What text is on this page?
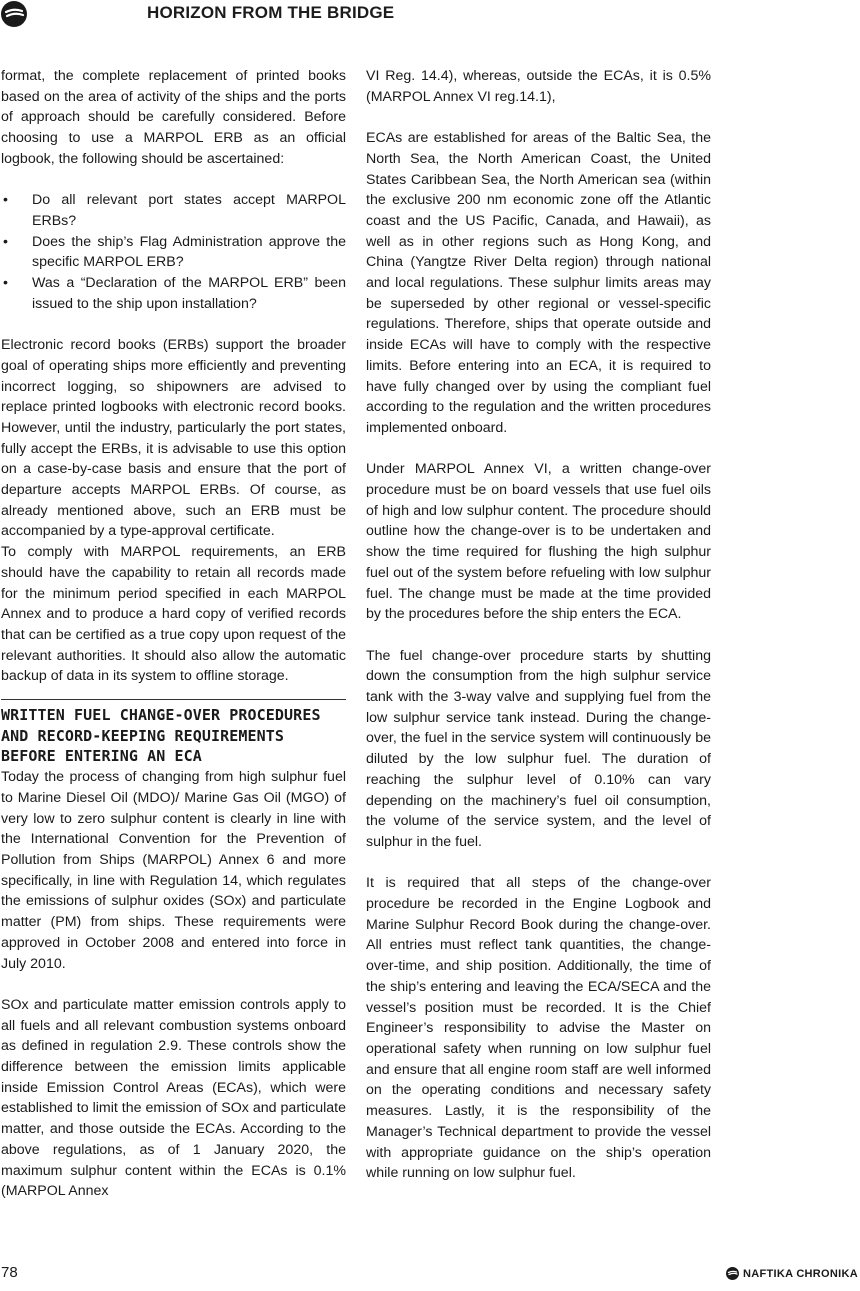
HORIZON FROM THE BRIDGE

format, the complete replacement of printed books based on the area of activity of the ships and the ports of approach should be carefully considered. Before choosing to use a MARPOL ERB as an official logbook, the following should be ascertained:

• Do all relevant port states accept MARPOL ERBs?
• Does the ship’s Flag Administration approve the specific MARPOL ERB?
• Was a “Declaration of the MARPOL ERB” been issued to the ship upon installation?

Electronic record books (ERBs) support the broader goal of operating ships more efficiently and preventing incorrect logging, so shipowners are advised to replace printed logbooks with electronic record books. However, until the industry, particularly the port states, fully accept the ERBs, it is advisable to use this option on a case-by-case basis and ensure that the port of departure accepts MARPOL ERBs. Of course, as already mentioned above, such an ERB must be accompanied by a type-approval certificate.

To comply with MARPOL requirements, an ERB should have the capability to retain all records made for the minimum period specified in each MARPOL Annex and to produce a hard copy of verified records that can be certified as a true copy upon request of the relevant authorities. It should also allow the automatic backup of data in its system to offline storage.

WRITTEN FUEL CHANGE-OVER PROCEDURES AND RECORD-KEEPING REQUIREMENTS BEFORE ENTERING AN ECA

Today the process of changing from high sulphur fuel to Marine Diesel Oil (MDO)/ Marine Gas Oil (MGO) of very low to zero sulphur content is clearly in line with the International Convention for the Prevention of Pollution from Ships (MARPOL) Annex 6 and more specifically, in line with Regulation 14, which regulates the emissions of sulphur oxides (SOx) and particulate matter (PM) from ships. These requirements were approved in October 2008 and entered into force in July 2010.

SOx and particulate matter emission controls apply to all fuels and all relevant combustion systems onboard as defined in regulation 2.9. These controls show the difference between the emission limits applicable inside Emission Control Areas (ECAs), which were established to limit the emission of SOx and particulate matter, and those outside the ECAs. According to the above regulations, as of 1 January 2020, the maximum sulphur content within the ECAs is 0.1% (MARPOL Annex

VI Reg. 14.4), whereas, outside the ECAs, it is 0.5% (MARPOL Annex VI reg.14.1),

ECAs are established for areas of the Baltic Sea, the North Sea, the North American Coast, the United States Caribbean Sea, the North American sea (within the exclusive 200 nm economic zone off the Atlantic coast and the US Pacific, Canada, and Hawaii), as well as in other regions such as Hong Kong, and China (Yangtze River Delta region) through national and local regulations. These sulphur limits areas may be superseded by other regional or vessel-specific regulations. Therefore, ships that operate outside and inside ECAs will have to comply with the respective limits. Before entering into an ECA, it is required to have fully changed over by using the compliant fuel according to the regulation and the written procedures implemented onboard.

Under MARPOL Annex VI, a written change-over procedure must be on board vessels that use fuel oils of high and low sulphur content. The procedure should outline how the change-over is to be undertaken and show the time required for flushing the high sulphur fuel out of the system before refueling with low sulphur fuel. The change must be made at the time provided by the procedures before the ship enters the ECA.

The fuel change-over procedure starts by shutting down the consumption from the high sulphur service tank with the 3-way valve and supplying fuel from the low sulphur service tank instead. During the change-over, the fuel in the service system will continuously be diluted by the low sulphur fuel. The duration of reaching the sulphur level of 0.10% can vary depending on the machinery’s fuel oil consumption, the volume of the service system, and the level of sulphur in the fuel.

It is required that all steps of the change-over procedure be recorded in the Engine Logbook and Marine Sulphur Record Book during the change-over. All entries must reflect tank quantities, the change-over-time, and ship position. Additionally, the time of the ship’s entering and leaving the ECA/SECA and the vessel’s position must be recorded. It is the Chief Engineer’s responsibility to advise the Master on operational safety when running on low sulphur fuel and ensure that all engine room staff are well informed on the operating conditions and necessary safety measures. Lastly, it is the responsibility of the Manager’s Technical department to provide the vessel with appropriate guidance on the ship’s operation while running on low sulphur fuel.

78	NAFTIKA CHRONIKA
